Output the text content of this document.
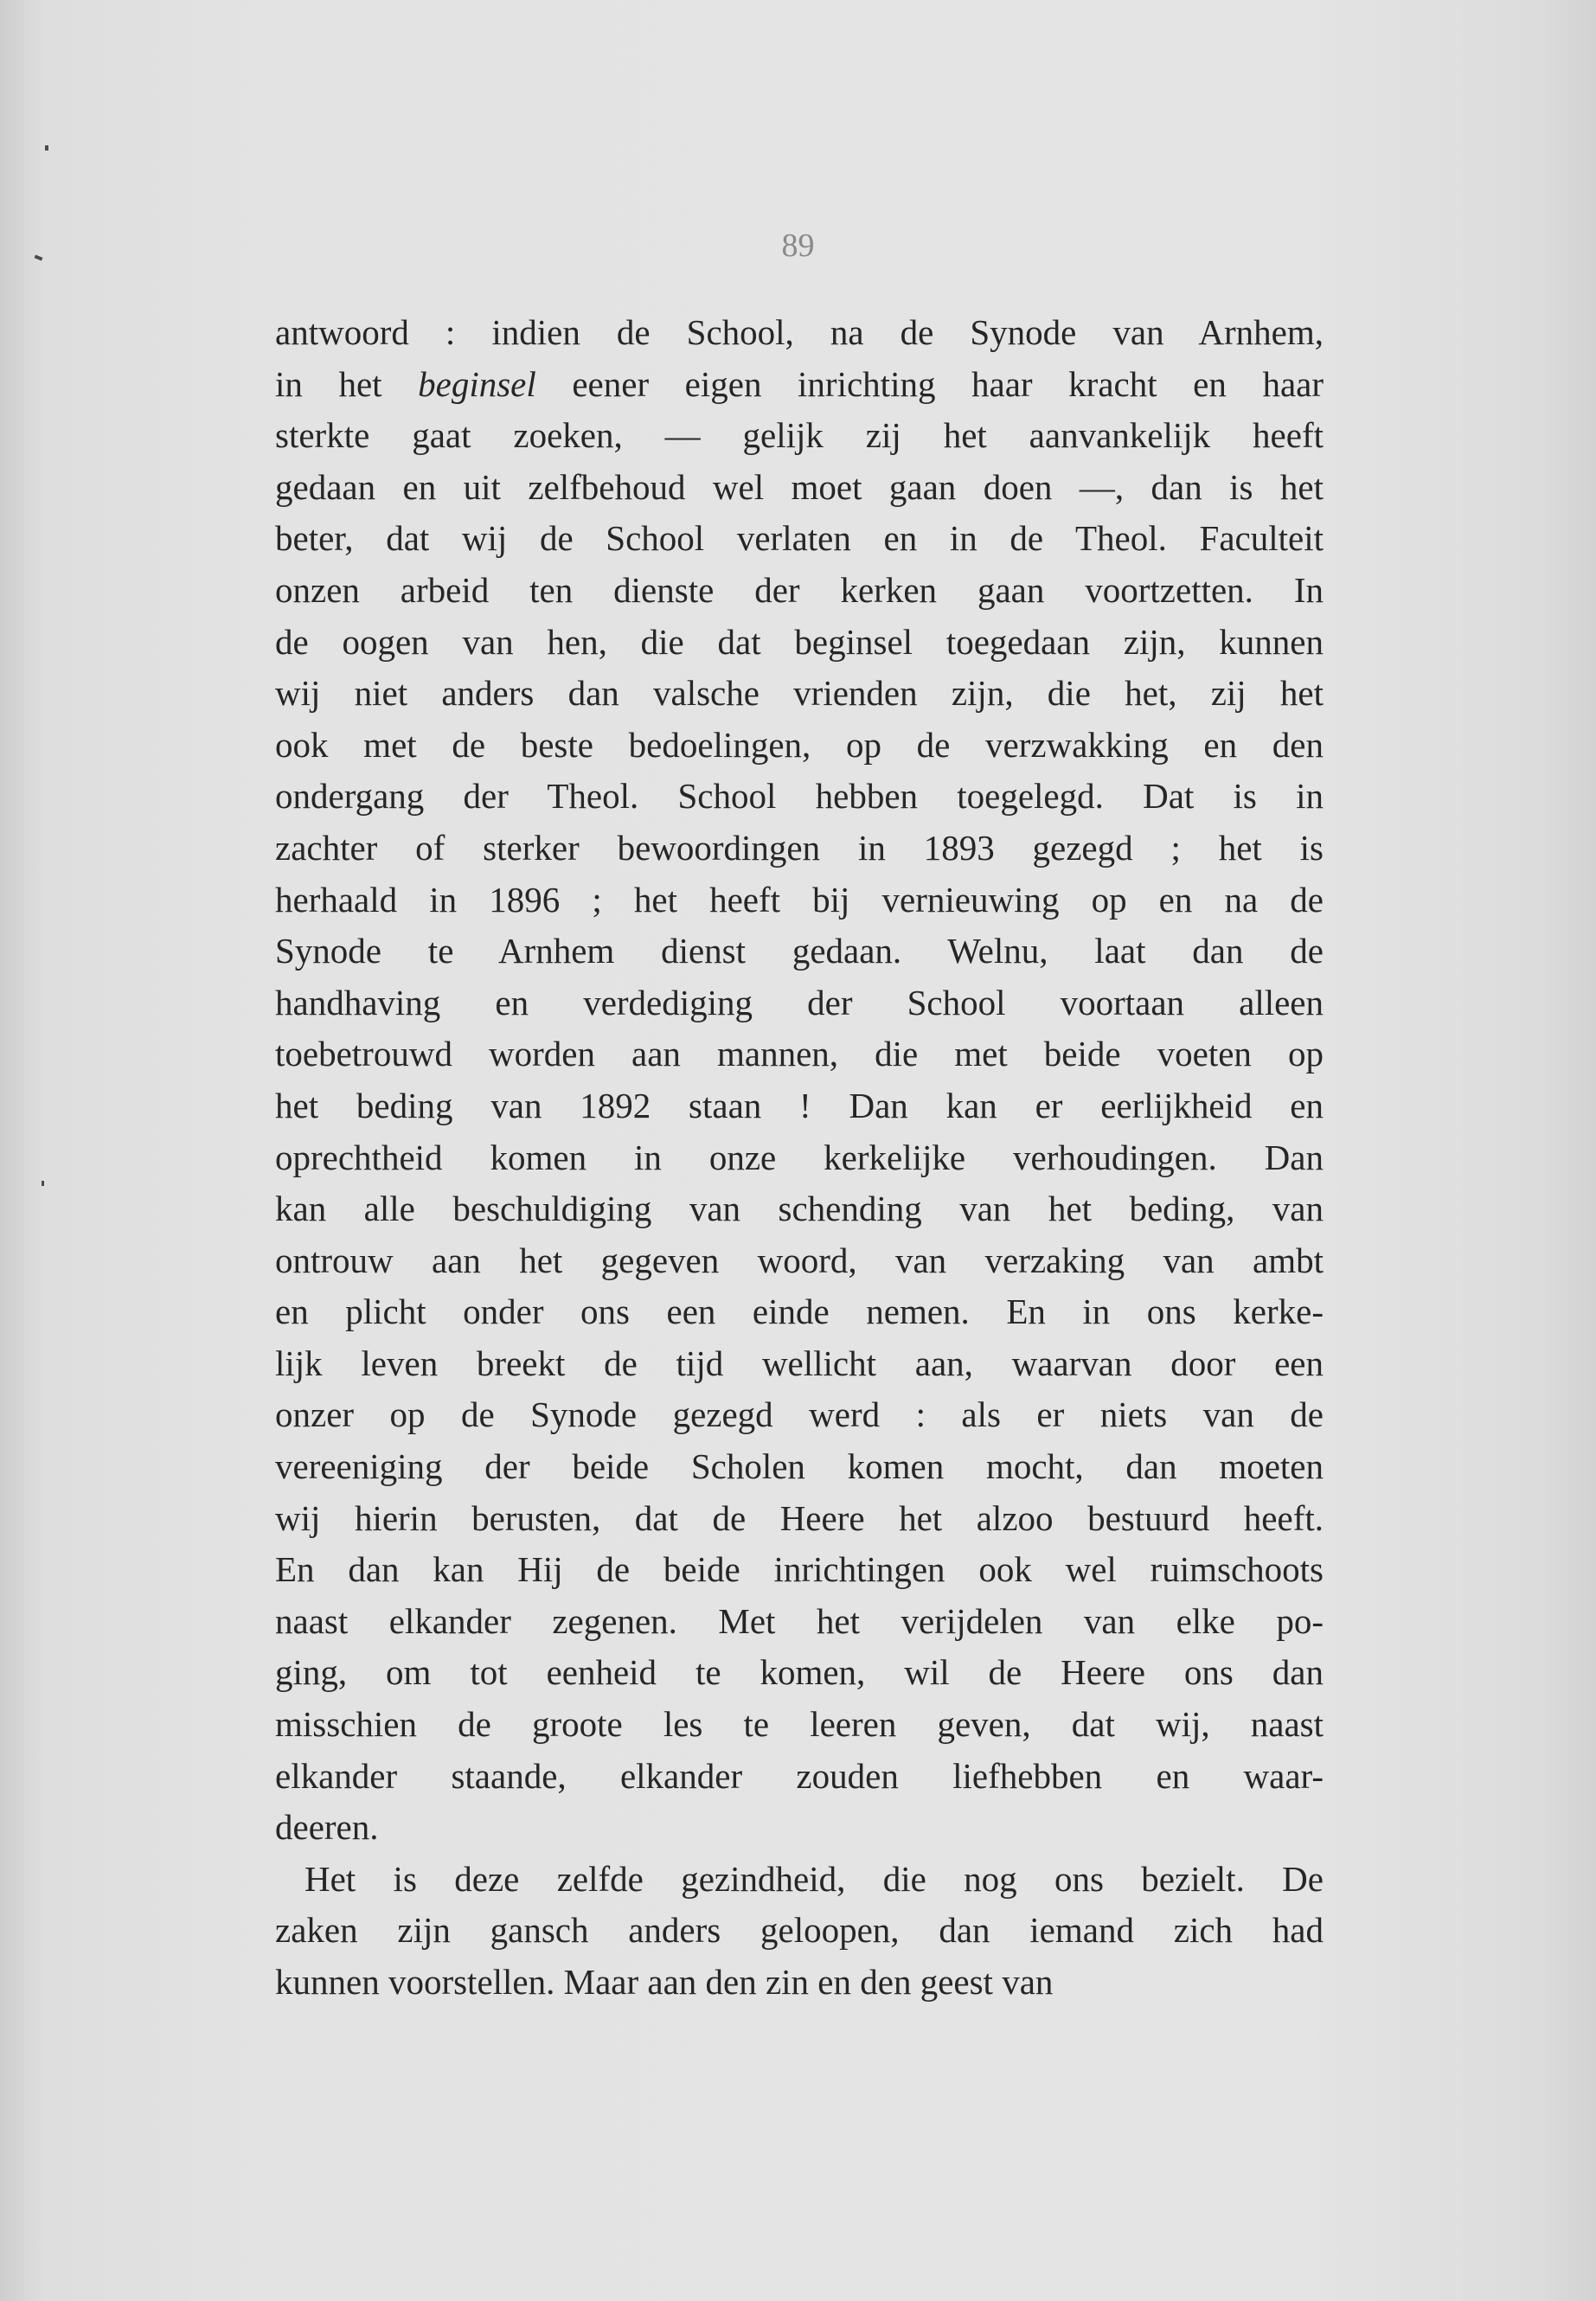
89
antwoord : indien de School, na de Synode van Arnhem,
in het beginsel eener eigen inrichting haar kracht en haar
sterkte gaat zoeken, — gelijk zij het aanvankelijk heeft
gedaan en uit zelfbehoud wel moet gaan doen —, dan is het
beter, dat wij de School verlaten en in de Theol. Faculteit
onzen arbeid ten dienste der kerken gaan voortzetten. In
de oogen van hen, die dat beginsel toegedaan zijn, kunnen
wij niet anders dan valsche vrienden zijn, die het, zij het
ook met de beste bedoelingen, op de verzwakking en den
ondergang der Theol. School hebben toegelegd. Dat is in
zachter of sterker bewoordingen in 1893 gezegd ; het is
herhaald in 1896 ; het heeft bij vernieuwing op en na de
Synode te Arnhem dienst gedaan. Welnu, laat dan de
handhaving en verdediging der School voortaan alleen
toebetrouwd worden aan mannen, die met beide voeten op
het beding van 1892 staan ! Dan kan er eerlijkheid en
oprechtheid komen in onze kerkelijke verhoudingen. Dan
kan alle beschuldiging van schending van het beding, van
ontrouw aan het gegeven woord, van verzaking van ambt
en plicht onder ons een einde nemen. En in ons kerke-
lijk leven breekt de tijd wellicht aan, waarvan door een
onzer op de Synode gezegd werd : als er niets van de
vereeniging der beide Scholen komen mocht, dan moeten
wij hierin berusten, dat de Heere het alzoo bestuurd heeft.
En dan kan Hij de beide inrichtingen ook wel ruimschoots
naast elkander zegenen. Met het verijdelen van elke po-
ging, om tot eenheid te komen, wil de Heere ons dan
misschien de groote les te leeren geven, dat wij, naast
elkander staande, elkander zouden liefhebben en waar-
deeren.
Het is deze zelfde gezindheid, die nog ons bezielt. De
zaken zijn gansch anders geloopen, dan iemand zich had
kunnen voorstellen. Maar aan den zin en den geest van
